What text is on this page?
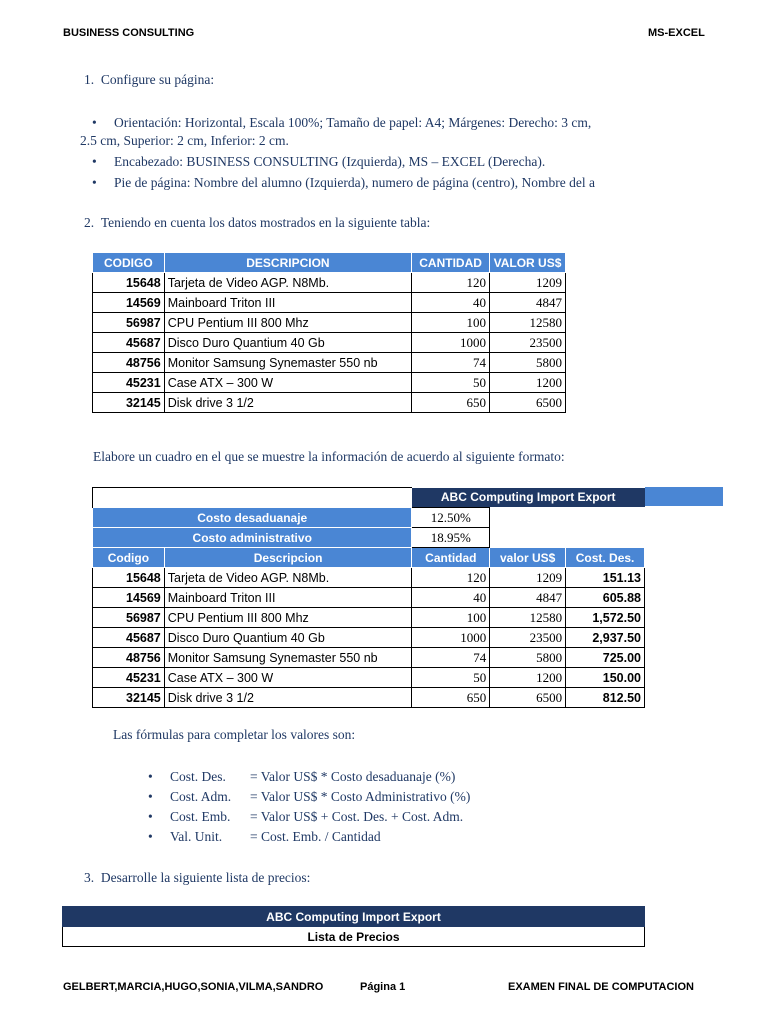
BUSINESS CONSULTING	MS-EXCEL
1. Configure su página:
• Orientación: Horizontal, Escala 100%; Tamaño de papel: A4; Márgenes: Derecho: 3 cm,
2.5 cm, Superior: 2 cm, Inferior: 2 cm.
• Encabezado: BUSINESS CONSULTING (Izquierda), MS – EXCEL (Derecha).
• Pie de página: Nombre del alumno (Izquierda), numero de página (centro), Nombre del a
2. Teniendo en cuenta los datos mostrados en la siguiente tabla:
CODIGO	DESCRIPCION	CANTIDAD	VALOR US$
15648	Tarjeta de Video AGP. N8Mb.	120	1209
14569	Mainboard Triton III	40	4847
56987	CPU Pentium III 800 Mhz	100	12580
45687	Disco Duro Quantium 40 Gb	1000	23500
48756	Monitor Samsung Synemaster 550 nb	74	5800
45231	Case ATX – 300 W	50	1200
32145	Disk drive 3 1/2	650	6500
Elabore un cuadro en el que se muestre la información de acuerdo al siguiente formato:
		ABC Computing Import Export		
Costo desaduanaje		12.50%		
Costo administrativo		18.95%		
Codigo	Descripcion	Cantidad	valor US$	Cost. Des.
15648	Tarjeta de Video AGP. N8Mb.	120	1209	151.13
14569	Mainboard Triton III	40	4847	605.88
56987	CPU Pentium III 800 Mhz	100	12580	1,572.50
45687	Disco Duro Quantium 40 Gb	1000	23500	2,937.50
48756	Monitor Samsung Synemaster 550 nb	74	5800	725.00
45231	Case ATX – 300 W	50	1200	150.00
32145	Disk drive 3 1/2	650	6500	812.50
Las fórmulas para completar los valores son:
• Cost. Des. = Valor US$ * Costo desaduanaje (%)
• Cost. Adm. = Valor US$ * Costo Administrativo (%)
• Cost. Emb. = Valor US$ + Cost. Des. + Cost. Adm.
• Val. Unit. = Cost. Emb. / Cantidad
3. Desarrolle la siguiente lista de precios:
ABC Computing Import Export
Lista de Precios
GELBERT,MARCIA,HUGO,SONIA,VILMA,SANDRO	Página 1	EXAMEN FINAL DE COMPUTACION
